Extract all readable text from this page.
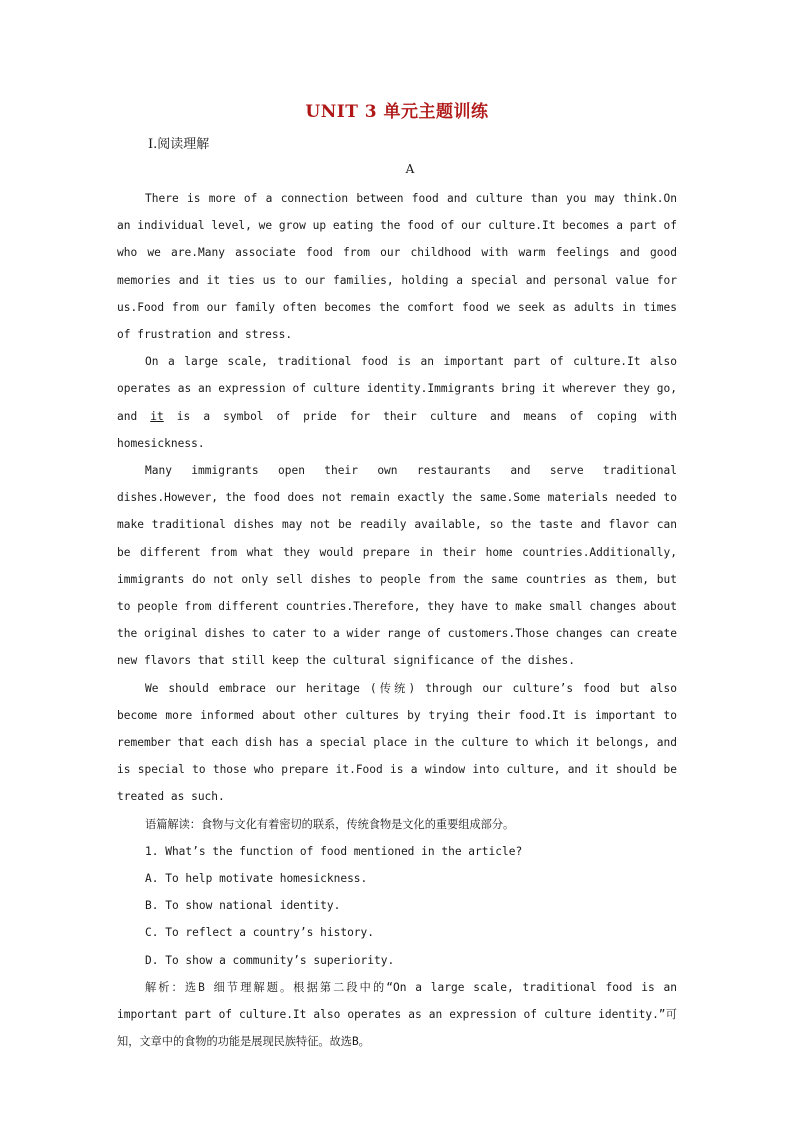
UNIT 3 单元主题训练
Ⅰ.阅读理解
A

There is more of a connection between food and culture than you may think.On an individual level, we grow up eating the food of our culture.It becomes a part of who we are.Many associate food from our childhood with warm feelings and good memories and it ties us to our families, holding a special and personal value for us.Food from our family often becomes the comfort food we seek as adults in times of frustration and stress.

On a large scale, traditional food is an important part of culture.It also operates as an expression of culture identity.Immigrants bring it wherever they go, and it is a symbol of pride for their culture and means of coping with homesickness.

Many immigrants open their own restaurants and serve traditional dishes.However, the food does not remain exactly the same.Some materials needed to make traditional dishes may not be readily available, so the taste and flavor can be different from what they would prepare in their home countries.Additionally, immigrants do not only sell dishes to people from the same countries as them, but to people from different countries.Therefore, they have to make small changes about the original dishes to cater to a wider range of customers.Those changes can create new flavors that still keep the cultural significance of the dishes.

We should embrace our heritage (传统) through our culture’s food but also become more informed about other cultures by trying their food.It is important to remember that each dish has a special place in the culture to which it belongs, and is special to those who prepare it.Food is a window into culture, and it should be treated as such.

语篇解读：食物与文化有着密切的联系，传统食物是文化的重要组成部分。

1. What’s the function of food mentioned in the article?

A. To help motivate homesickness.

B. To show national identity.

C. To reflect a country’s history.

D. To show a community’s superiority.

解析：选B 细节理解题。根据第二段中的“On a large scale, traditional food is an important part of culture.It also operates as an expression of culture identity.”可知，文章中的食物的功能是展现民族特征。故选B。
